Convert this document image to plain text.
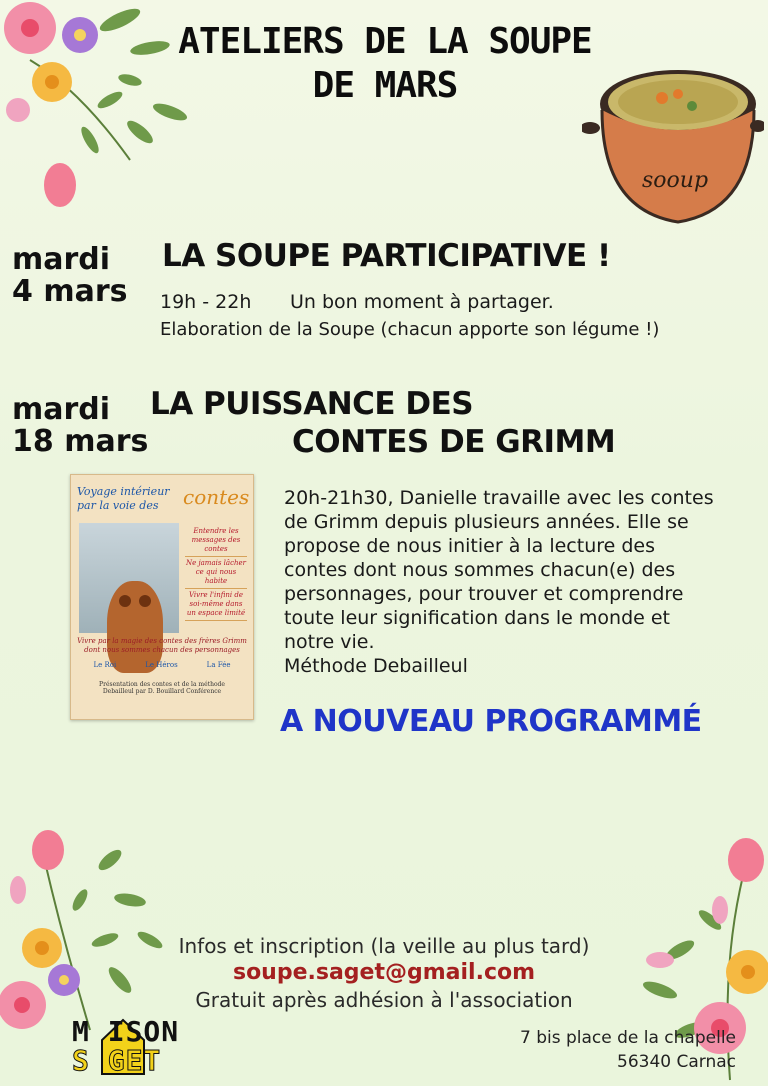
sooup
ATELIERS DE LA SOUPE
DE MARS
mardi
4 mars
LA SOUPE PARTICIPATIVE !
19h - 22h Un bon moment à partager.
Elaboration de la Soupe (chacun apporte son légume !)
mardi
18 mars
LA PUISSANCE DES
CONTES DE GRIMM
Voyage intérieur par la voie des	contes
Entendre les messages des contes
Ne jamais lâcher ce qui nous habite
Vivre l'infini de soi-même dans un espace limité
Vivre par la magie des contes des frères Grimm dont nous sommes chacun des personnages
Le Roi	Le Héros	La Fée
Présentation des contes et de la méthode Debailleul par D. Bouillard Conférence
20h-21h30, Danielle travaille avec les contes
de Grimm depuis plusieurs années. Elle se
propose de nous initier à la lecture des
contes dont nous sommes chacun(e) des
personnages, pour trouver et comprendre
toute leur signification dans le monde et
notre vie.
Méthode Debailleul
A NOUVEAU PROGRAMMÉ
Infos et inscription (la veille au plus tard)
soupe.saget@gmail.com
Gratuit après adhésion à l'association
M ISON
S GET
7 bis place de la chapelle
56340 Carnac
